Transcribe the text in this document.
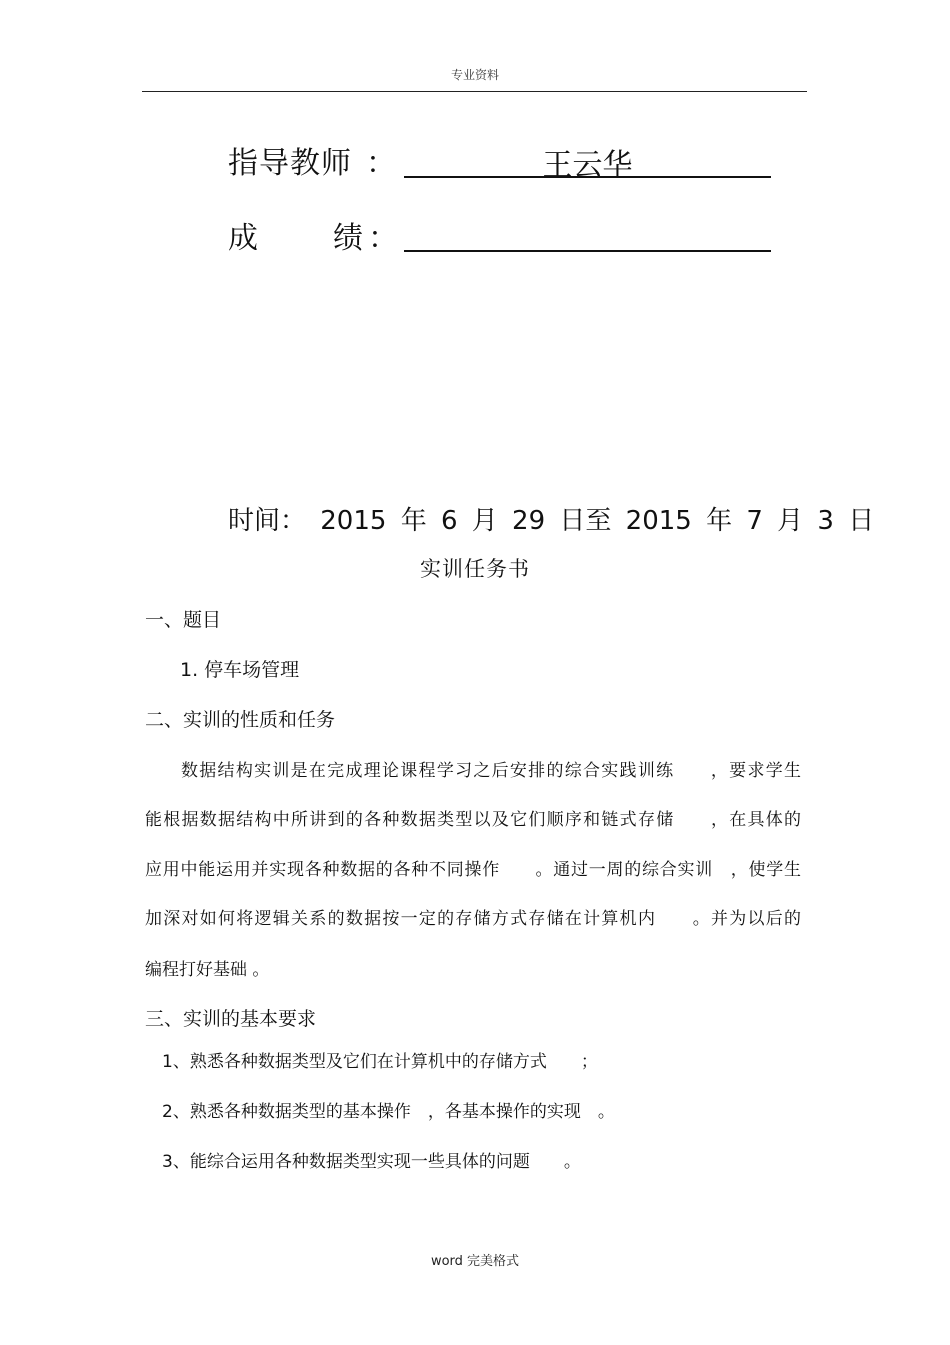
专业资料
指导教师 ：	王云华
成 绩 ：
时间： 2015 年 6 月 29 日至 2015 年 7 月 3 日
实训任务书
一、题目
1. 停车场管理
二、实训的性质和任务
数据结构实训是在完成理论课程学习之后安排的综合实践训练　　，要求学生
能根据数据结构中所讲到的各种数据类型以及它们顺序和链式存储　　，在具体的
应用中能运用并实现各种数据的各种不同操作　　。通过一周的综合实训　，使学生
加深对如何将逻辑关系的数据按一定的存储方式存储在计算机内　　。并为以后的
编程打好基础 。
三、实训的基本要求
1、熟悉各种数据类型及它们在计算机中的存储方式　　；
2、熟悉各种数据类型的基本操作　，各基本操作的实现　。
3、能综合运用各种数据类型实现一些具体的问题　　。
word 完美格式
